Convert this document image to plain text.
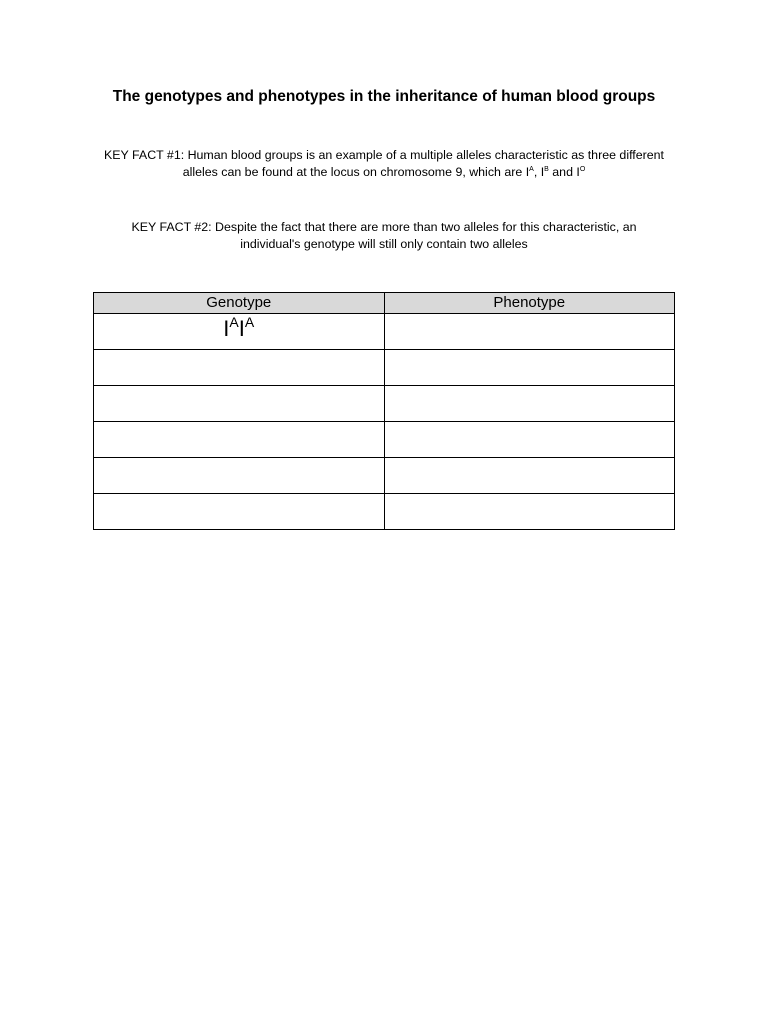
The genotypes and phenotypes in the inheritance of human blood groups
KEY FACT #1: Human blood groups is an example of a multiple alleles characteristic as three different alleles can be found at the locus on chromosome 9, which are $I^A$, $I^B$ and $I^O$
KEY FACT #2: Despite the fact that there are more than two alleles for this characteristic, an individual's genotype will still only contain two alleles
Genotype	Phenotype
$I^AI^A$	
